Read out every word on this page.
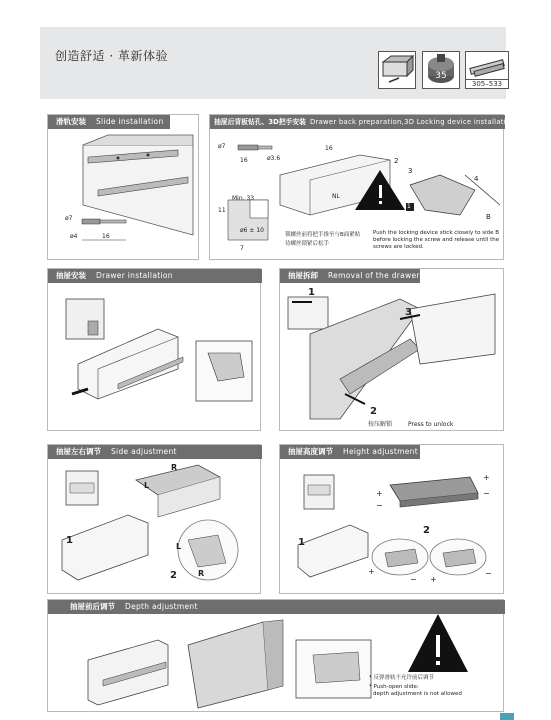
创造舒适 · 革新体验
35
305–533
滑轨安装 Slide installation
ø7
ø4	16
抽屉后背板钻孔、3D把手安装 Drawer back preparation,3D Locking device installation
ø7
16	ø3.6
16
Min. 33
11
ø6 ± 10
7
NL
2
3
4
1
B
锁螺丝前将把手推至与B面紧贴
待螺丝锁紧后松手
Push the locking device stick closely to side B before locking the screw and release until the screws are locked.
抽屉安装 Drawer installation	抽屉拆卸 Removal of the drawer
1
3
2
按压解锁	Press to unlock
抽屉左右调节 Side adjustment
R
L
L
R
1
2
抽屉高度调节 Height adjustment
+
−
+
−
+
− +
−
1
2
抽屉前后调节 Depth adjustment
* 反弹滑轨不允许前后调节
* Push-open slide:
depth adjustment is not allowed
